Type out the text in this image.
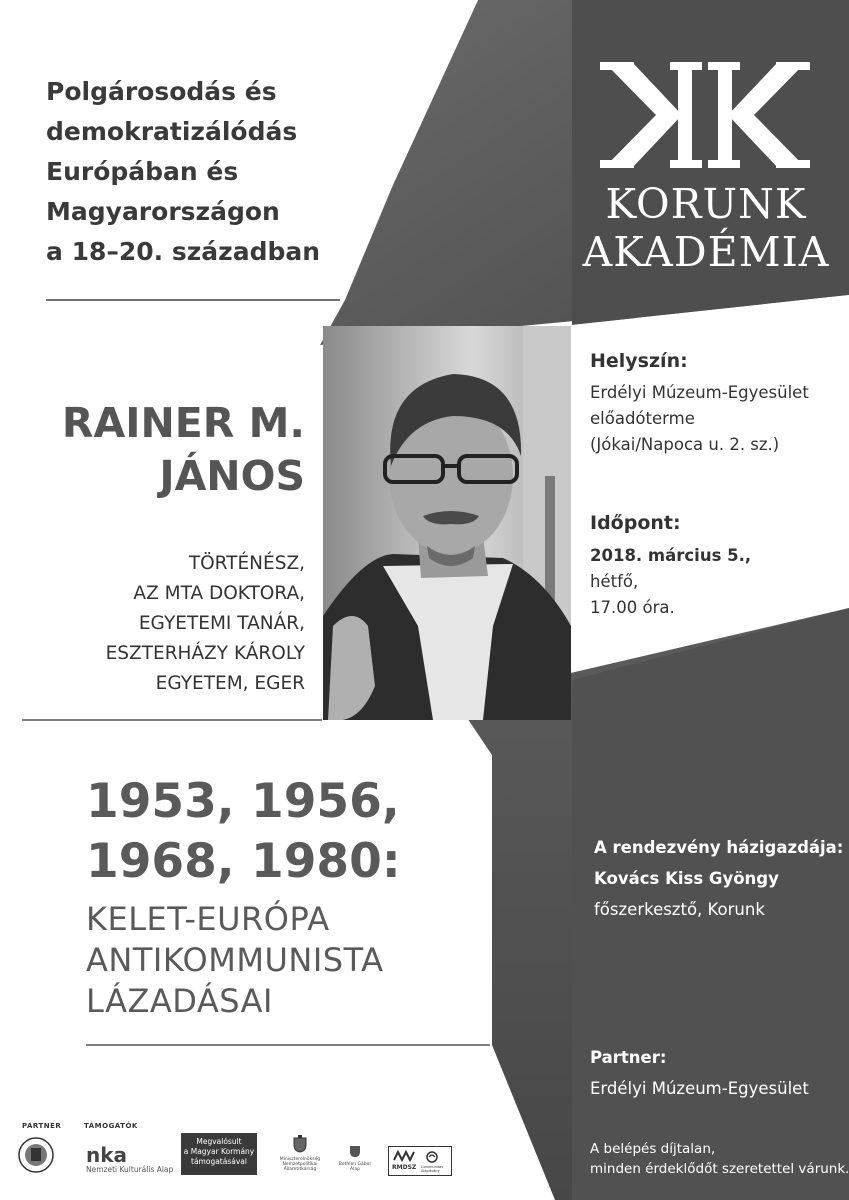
Polgárosodás és
demokratizálódás
Európában és
Magyarországon
a 18–20. században
KORUNK
AKADÉMIA
RAINER M.
JÁNOS
TÖRTÉNÉSZ,
AZ MTA DOKTORA,
EGYETEMI TANÁR,
ESZTERHÁZY KÁROLY
EGYETEM, EGER
Helyszín:
Erdélyi Múzeum-Egyesület
előadóterme
(Jókai/Napoca u. 2. sz.)
Időpont:
2018. március 5.,
hétfő,
17.00 óra.
1953, 1956,
1968, 1980:
KELET-EURÓPA
ANTIKOMMUNISTA
LÁZADÁSAI
A rendezvény házigazdája:
Kovács Kiss Gyöngy
főszerkesztő, Korunk
Partner:
Erdélyi Múzeum-Egyesület
PARTNER	TÁMOGATÓK
nka
Nemzeti Kulturális Alap
Megvalósult
a Magyar Kormány
támogatásával	Miniszterelnökség Nemzetpolitikai Államtitkárság
Bethlen Gábor Alap	RMDSZ Communitas Alapítvány
A belépés díjtalan,
minden érdeklődőt szeretettel várunk.
